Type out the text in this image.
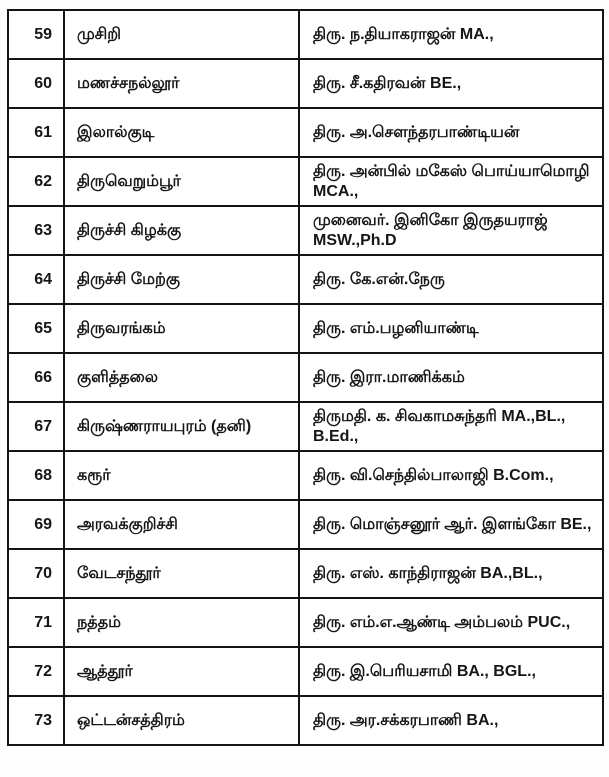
59	முசிறி	திரு. ந.தியாகராஜன் MA.,
60	மணச்சநல்லூர்	திரு. சீ.கதிரவன் BE.,
61	இலால்குடி	திரு. அ.சௌந்தரபாண்டியன்
62	திருவெறும்பூர்	திரு. அன்பில் மகேஸ் பொய்யாமொழி MCA.,
63	திருச்சி கிழக்கு	முனைவர். இனிகோ இருதயராஜ் MSW.,Ph.D
64	திருச்சி மேற்கு	திரு. கே.என்.நேரு
65	திருவரங்கம்	திரு. எம்.பழனியாண்டி
66	குளித்தலை	திரு. இரா.மாணிக்கம்
67	கிருஷ்ணராயபுரம் (தனி)	திருமதி. க. சிவகாமசுந்தரி MA.,BL., B.Ed.,
68	கரூர்	திரு. வி.செந்தில்பாலாஜி B.Com.,
69	அரவக்குறிச்சி	திரு. மொஞ்சனூர் ஆர். இளங்கோ BE.,
70	வேடசந்தூர்	திரு. எஸ். காந்திராஜன் BA.,BL.,
71	நத்தம்	திரு. எம்.எ.ஆண்டி அம்பலம் PUC.,
72	ஆத்தூர்	திரு. இ.பெரியசாமி BA., BGL.,
73	ஒட்டன்சத்திரம்	திரு. அர.சக்கரபாணி BA.,
